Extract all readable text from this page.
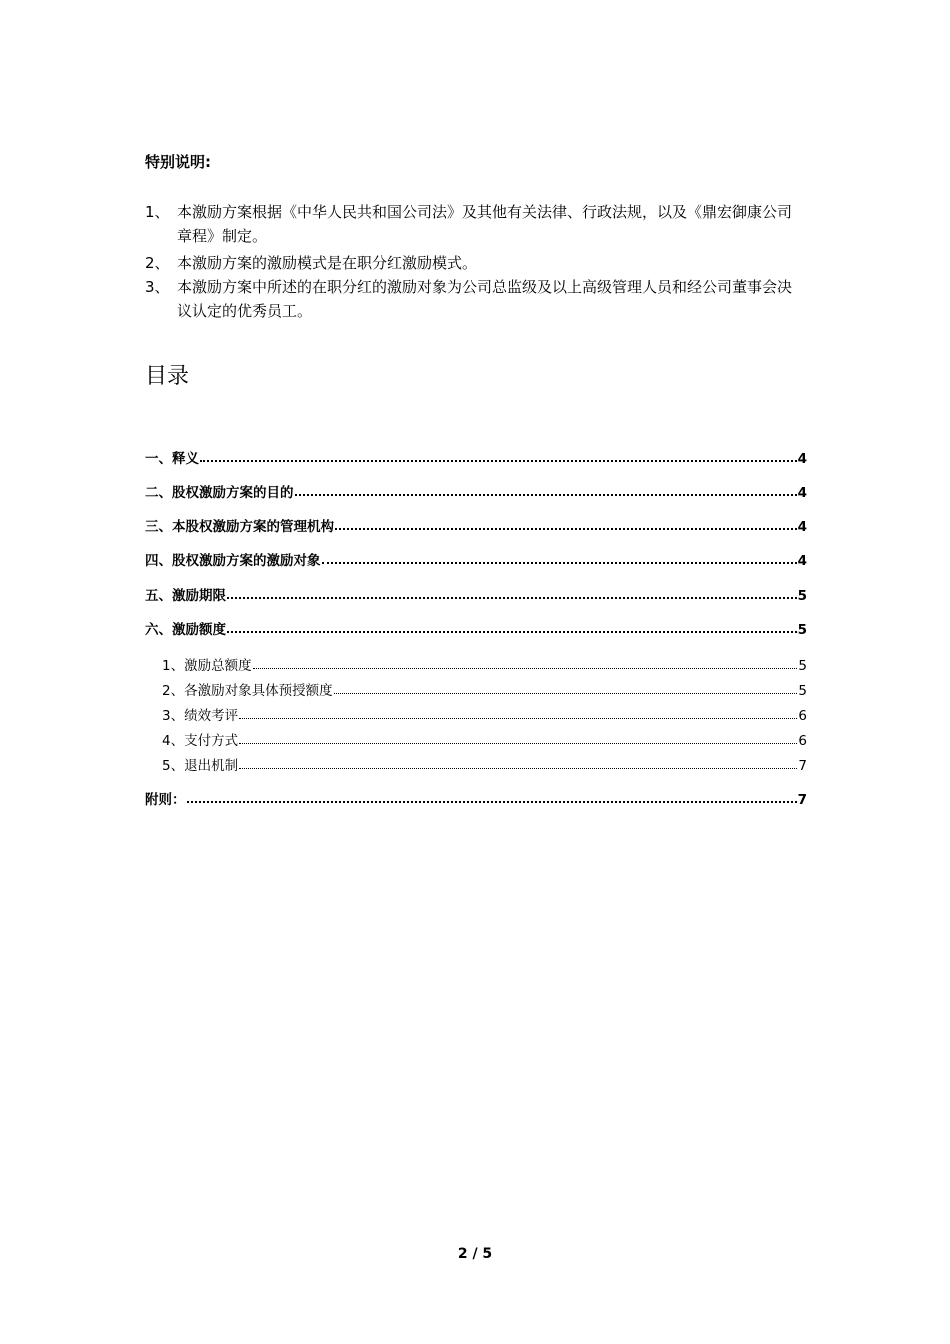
特别说明:
1、 本激励方案根据《中华人民共和国公司法》及其他有关法律、行政法规，以及《鼎宏御康公司章程》制定。
2、 本激励方案的激励模式是在职分红激励模式。
3、 本激励方案中所述的在职分红的激励对象为公司总监级及以上高级管理人员和经公司董事会决议认定的优秀员工。
目录
一、释义	4
二、股权激励方案的目的	4
三、本股权激励方案的管理机构	4
四、股权激励方案的激励对象	4
五、激励期限	5
六、激励额度	5
1、激励总额度	5
2、各激励对象具体预授额度	5
3、绩效考评	6
4、支付方式	6
5、退出机制	7
附则：	7
2 / 5
